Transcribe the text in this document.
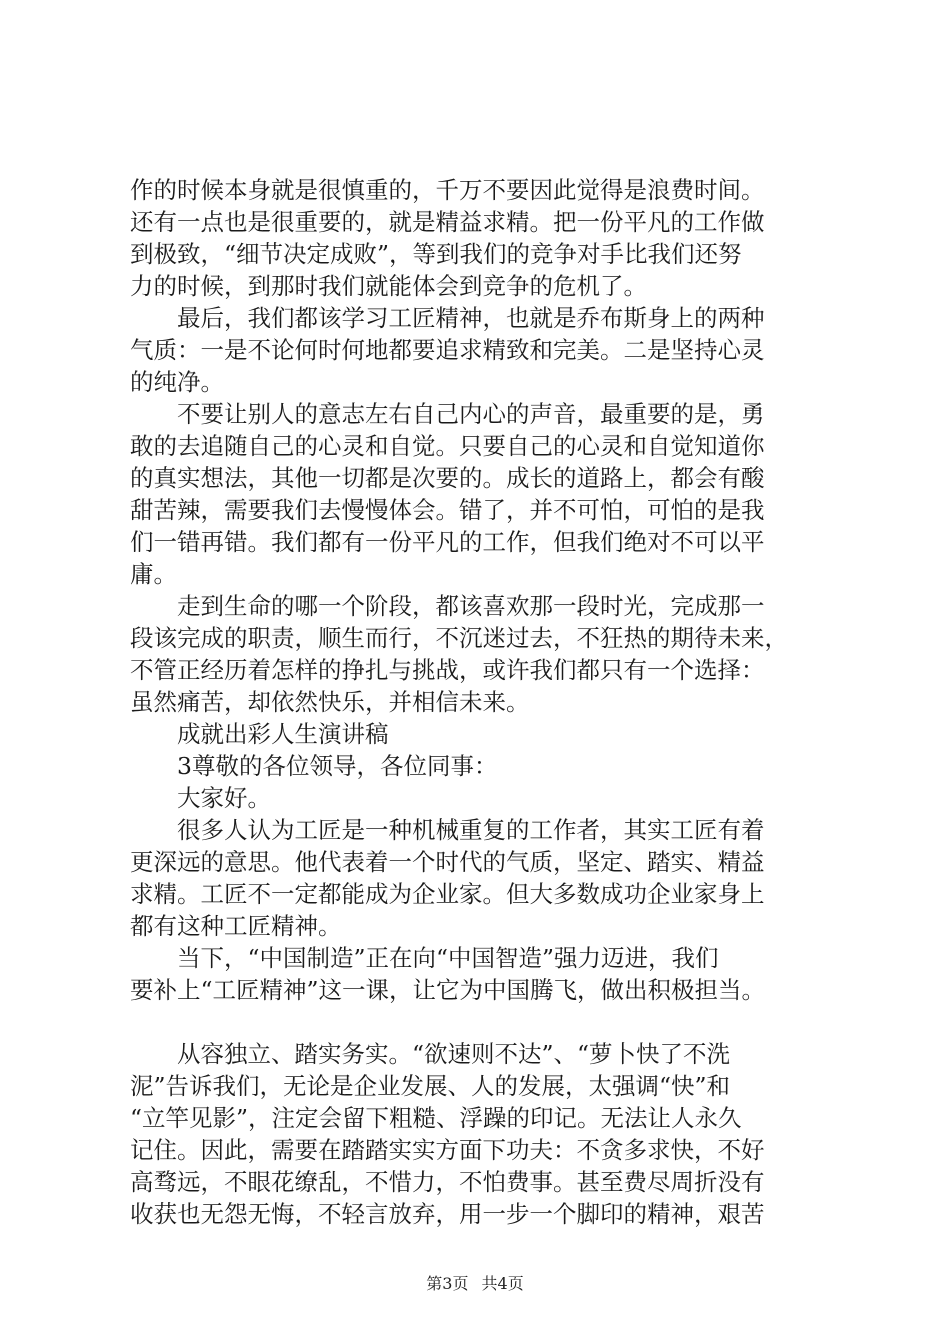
作的时候本身就是很慎重的，千万不要因此觉得是浪费时间。
还有一点也是很重要的，就是精益求精。把一份平凡的工作做
到极致，“细节决定成败”，等到我们的竞争对手比我们还努
力的时候，到那时我们就能体会到竞争的危机了。
最后，我们都该学习工匠精神，也就是乔布斯身上的两种
气质：一是不论何时何地都要追求精致和完美。二是坚持心灵
的纯净。
不要让别人的意志左右自己内心的声音，最重要的是，勇
敢的去追随自己的心灵和自觉。只要自己的心灵和自觉知道你
的真实想法，其他一切都是次要的。成长的道路上，都会有酸
甜苦辣，需要我们去慢慢体会。错了，并不可怕，可怕的是我
们一错再错。我们都有一份平凡的工作，但我们绝对不可以平
庸。
走到生命的哪一个阶段，都该喜欢那一段时光，完成那一
段该完成的职责，顺生而行，不沉迷过去，不狂热的期待未来，
不管正经历着怎样的挣扎与挑战，或许我们都只有一个选择：
虽然痛苦，却依然快乐，并相信未来。
成就出彩人生演讲稿
3尊敬的各位领导，各位同事：
大家好。
很多人认为工匠是一种机械重复的工作者，其实工匠有着
更深远的意思。他代表着一个时代的气质，坚定、踏实、精益
求精。工匠不一定都能成为企业家。但大多数成功企业家身上
都有这种工匠精神。
当下，“中国制造”正在向“中国智造”强力迈进，我们
要补上“工匠精神”这一课，让它为中国腾飞，做出积极担当。
从容独立、踏实务实。“欲速则不达”、“萝卜快了不洗
泥”告诉我们，无论是企业发展、人的发展，太强调“快”和
“立竿见影”，注定会留下粗糙、浮躁的印记。无法让人永久
记住。因此，需要在踏踏实实方面下功夫：不贪多求快，不好
高骛远，不眼花缭乱，不惜力，不怕费事。甚至费尽周折没有
收获也无怨无悔，不轻言放弃，用一步一个脚印的精神，艰苦
第3页 共4页
